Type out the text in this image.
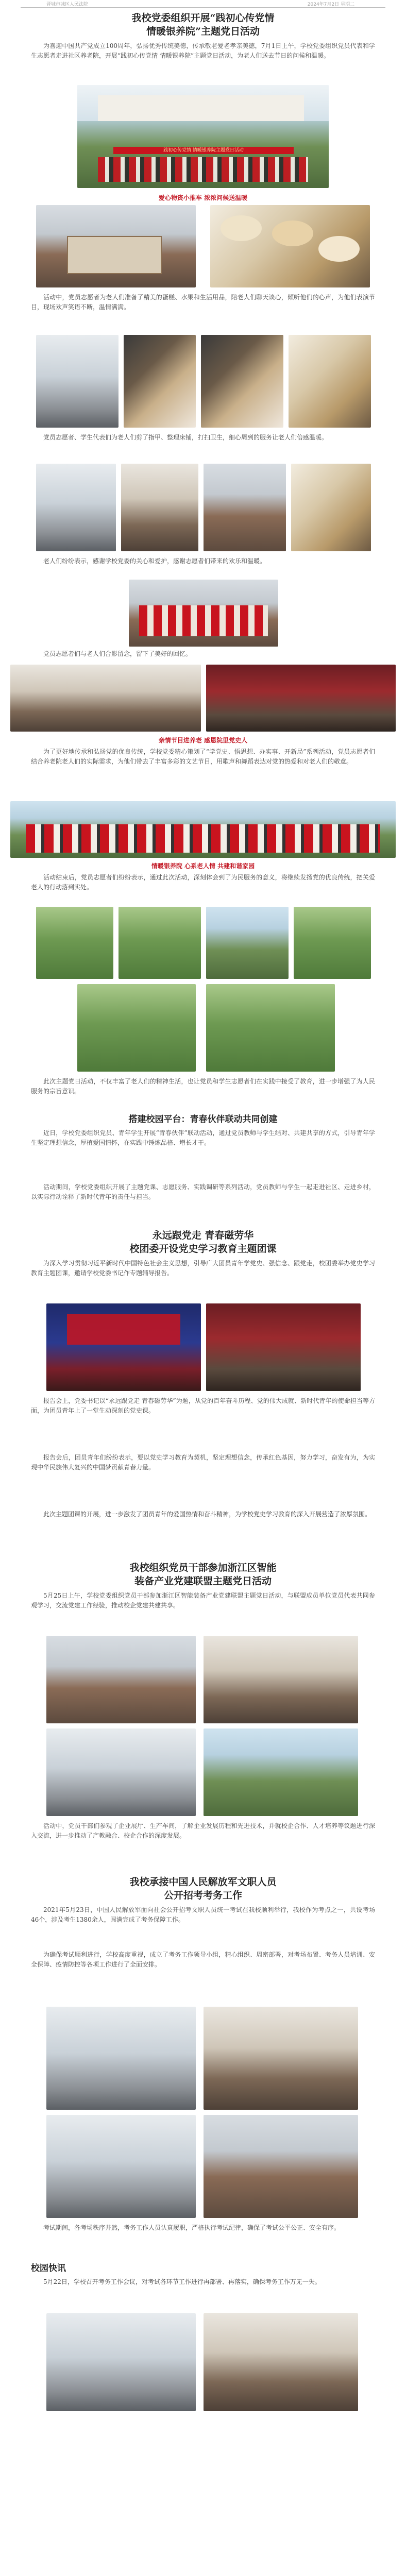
晋城市城区人民法院	2024年7月2日 星期二
我校党委组织开展“践初心传党情
情暖银养院”主题党日活动
为喜迎中国共产党成立100周年，弘扬优秀传统美德，传承敬老爱老孝亲美德，7月1日上午，学校党委组织党员代表和学生志愿者走进社区养老院，开展“践初心传党情 情暖银养院”主题党日活动，为老人们送去节日的问候和温暖。
践初心传党情 情暖银养院主题党日活动
爱心物资小推车 浓浓问候送温暖
活动中，党员志愿者为老人们准备了精美的蛋糕、水果和生活用品，陪老人们聊天谈心，倾听他们的心声，为他们表演节目，现场欢声笑语不断，温情满满。
党员志愿者、学生代表们为老人们剪了指甲、整理床铺，打扫卫生，细心周到的服务让老人们倍感温暖。
老人们纷纷表示，感谢学校党委的关心和爱护，感谢志愿者们带来的欢乐和温暖。
党员志愿者们与老人们合影留念，留下了美好的回忆。
亲情节目进养老 感恩院里党史人
为了更好地传承和弘扬党的优良传统，学校党委精心策划了“学党史、悟思想、办实事、开新局”系列活动，党员志愿者们结合养老院老人们的实际需求，为他们带去了丰富多彩的文艺节目，用歌声和舞蹈表达对党的热爱和对老人们的敬意。
情暖银养院 心系老人情 共建和谐家园
活动结束后，党员志愿者们纷纷表示，通过此次活动，深刻体会到了为民服务的意义，将继续发扬党的优良传统，把关爱老人的行动落到实处。
此次主题党日活动，不仅丰富了老人们的精神生活，也让党员和学生志愿者们在实践中接受了教育，进一步增强了为人民服务的宗旨意识。
搭建校园平台：青春伙伴联动共同创建
近日，学校党委组织党员、青年学生开展“青春伙伴”联动活动，通过党员教师与学生结对、共建共享的方式，引导青年学生坚定理想信念，厚植爱国情怀，在实践中锤炼品格、增长才干。
活动期间，学校党委组织开展了主题党课、志愿服务、实践调研等系列活动，党员教师与学生一起走进社区、走进乡村，以实际行动诠释了新时代青年的责任与担当。
永远跟党走 青春磁劳华
校团委开设党史学习教育主题团课
为深入学习贯彻习近平新时代中国特色社会主义思想，引导广大团员青年学党史、强信念、跟党走，校团委举办党史学习教育主题团课，邀请学校党委书记作专题辅导报告。
报告会上，党委书记以“永远跟党走 青春磁劳华”为题，从党的百年奋斗历程、党的伟大成就、新时代青年的使命担当等方面，为团员青年上了一堂生动深刻的党史课。
报告会后，团员青年们纷纷表示，要以党史学习教育为契机，坚定理想信念，传承红色基因，努力学习，奋发有为，为实现中华民族伟大复兴的中国梦贡献青春力量。
此次主题团课的开展，进一步激发了团员青年的爱国热情和奋斗精神，为学校党史学习教育的深入开展营造了浓厚氛围。
我校组织党员干部参加浙江区智能
装备产业党建联盟主题党日活动
5月25日上午，学校党委组织党员干部参加浙江区智能装备产业党建联盟主题党日活动，与联盟成员单位党员代表共同参观学习，交流党建工作经验，推动校企党建共建共享。
活动中，党员干部们参观了企业展厅、生产车间，了解企业发展历程和先进技术，并就校企合作、人才培养等议题进行深入交流，进一步推动了产教融合、校企合作的深度发展。
我校承接中国人民解放军文职人员
公开招考考务工作
2021年5月23日，中国人民解放军面向社会公开招考文职人员统一考试在我校顺利举行，我校作为考点之一，共设考场46个，涉及考生1380余人，圆满完成了考务保障工作。
为确保考试顺利进行，学校高度重视，成立了考务工作领导小组，精心组织、周密部署，对考场布置、考务人员培训、安全保障、疫情防控等各项工作进行了全面安排。
考试期间，各考场秩序井然，考务工作人员认真履职，严格执行考试纪律，确保了考试公平公正、安全有序。
校园快讯
5月22日，学校召开考务工作会议，对考试各环节工作进行再部署、再落实，确保考务工作万无一失。
